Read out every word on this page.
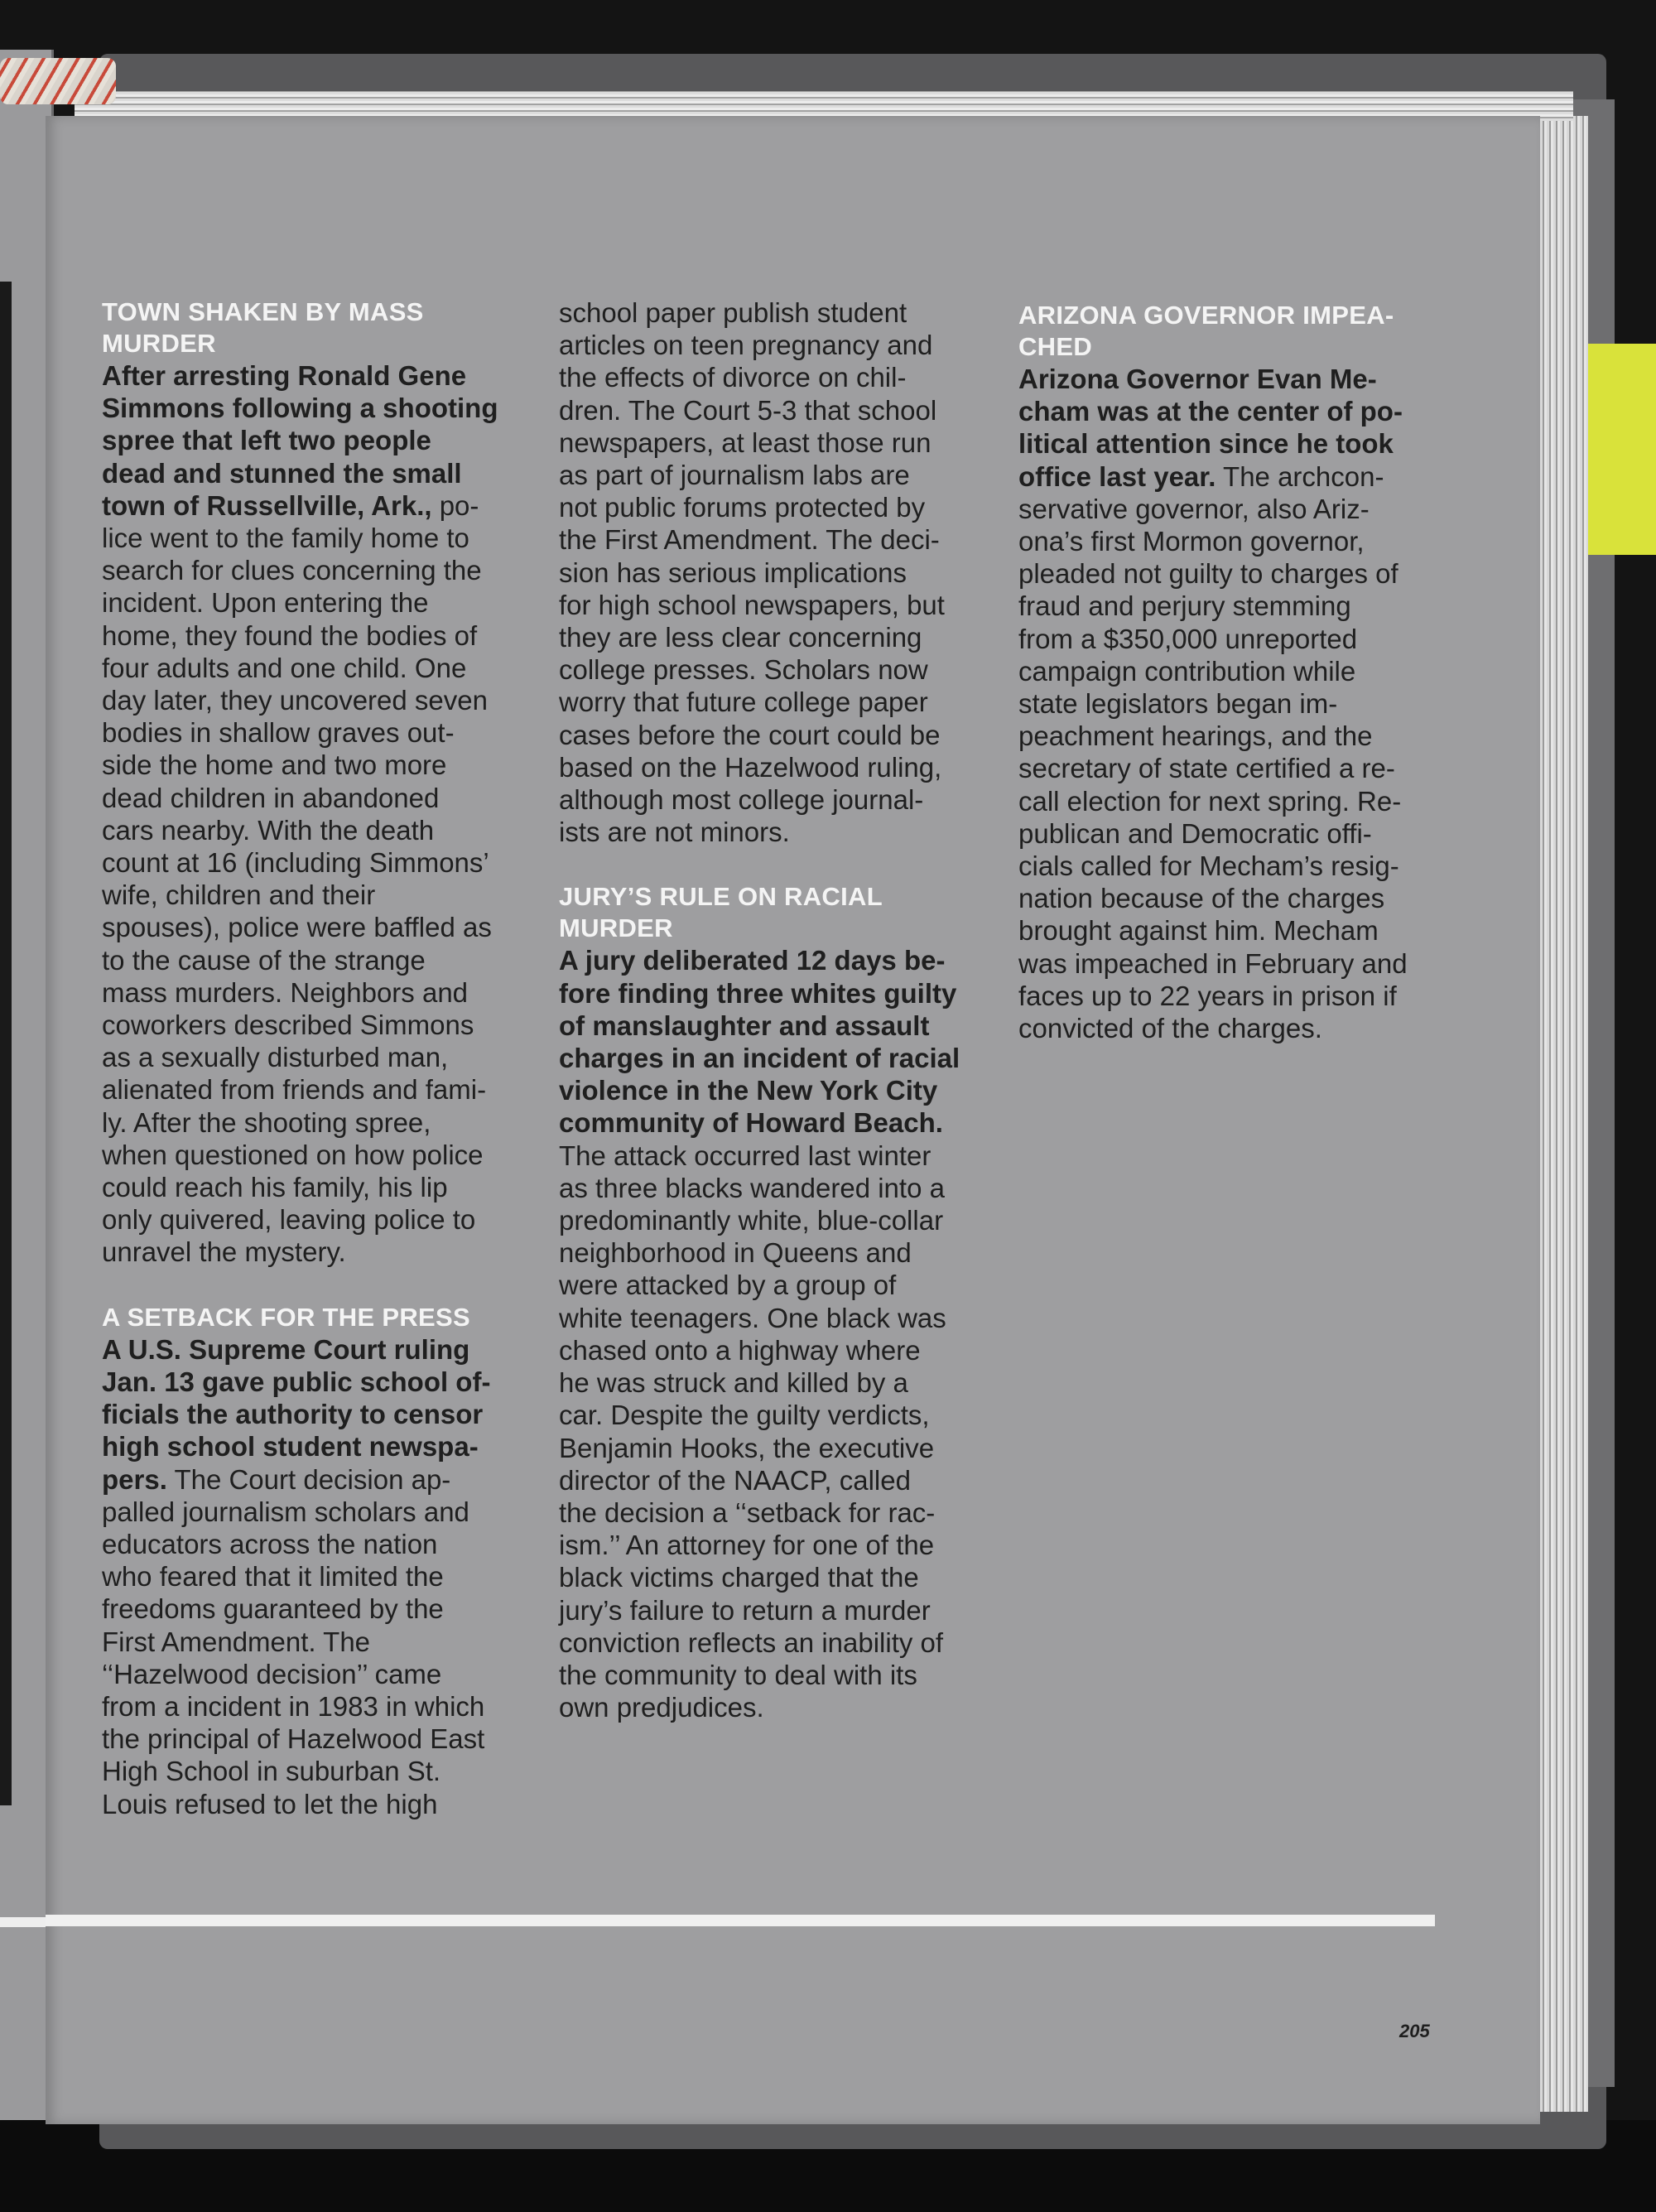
TOWN SHAKEN BY MASS
MURDER

After arresting Ronald Gene

Simmons following a shooting

spree that left two people

dead and stunned the small

town of Russellville, Ark., po-

lice went to the family home to

search for clues concerning the

incident. Upon entering the

home, they found the bodies of

four adults and one child. One

day later, they uncovered seven

bodies in shallow graves out-

side the home and two more

dead children in abandoned

cars nearby. With the death

count at 16 (including Simmons’

wife, children and their

spouses), police were baffled as

to the cause of the strange

mass murders. Neighbors and

coworkers described Simmons

as a sexually disturbed man,

alienated from friends and fami-

ly. After the shooting spree,

when questioned on how police

could reach his family, his lip

only quivered, leaving police to

unravel the mystery.

A SETBACK FOR THE PRESS

A U.S. Supreme Court ruling

Jan. 13 gave public school of-

ficials the authority to censor

high school student newspa-

pers. The Court decision ap-

palled journalism scholars and

educators across the nation

who feared that it limited the

freedoms guaranteed by the

First Amendment. The

‘‘Hazelwood decision’’ came

from a incident in 1983 in which

the principal of Hazelwood East

High School in suburban St.

Louis refused to let the high

school paper publish student

articles on teen pregnancy and

the effects of divorce on chil-

dren. The Court 5-3 that school

newspapers, at least those run

as part of journalism labs are

not public forums protected by

the First Amendment. The deci-

sion has serious implications

for high school newspapers, but

they are less clear concerning

college presses. Scholars now

worry that future college paper

cases before the court could be

based on the Hazelwood ruling,

although most college journal-

ists are not minors.

JURY’S RULE ON RACIAL
MURDER

A jury deliberated 12 days be-

fore finding three whites guilty

of manslaughter and assault

charges in an incident of racial

violence in the New York City

community of Howard Beach.

The attack occurred last winter

as three blacks wandered into a

predominantly white, blue-collar

neighborhood in Queens and

were attacked by a group of

white teenagers. One black was

chased onto a highway where

he was struck and killed by a

car. Despite the guilty verdicts,

Benjamin Hooks, the executive

director of the NAACP, called

the decision a ‘‘setback for rac-

ism.’’ An attorney for one of the

black victims charged that the

jury’s failure to return a murder

conviction reflects an inability of

the community to deal with its

own predjudices.

ARIZONA GOVERNOR IMPEA-
CHED

Arizona Governor Evan Me-

cham was at the center of po-

litical attention since he took

office last year. The archcon-

servative governor, also Ariz-

ona’s first Mormon governor,

pleaded not guilty to charges of

fraud and perjury stemming

from a $350,000 unreported

campaign contribution while

state legislators began im-

peachment hearings, and the

secretary of state certified a re-

call election for next spring. Re-

publican and Democratic offi-

cials called for Mecham’s resig-

nation because of the charges

brought against him. Mecham

was impeached in February and

faces up to 22 years in prison if

convicted of the charges.

205
